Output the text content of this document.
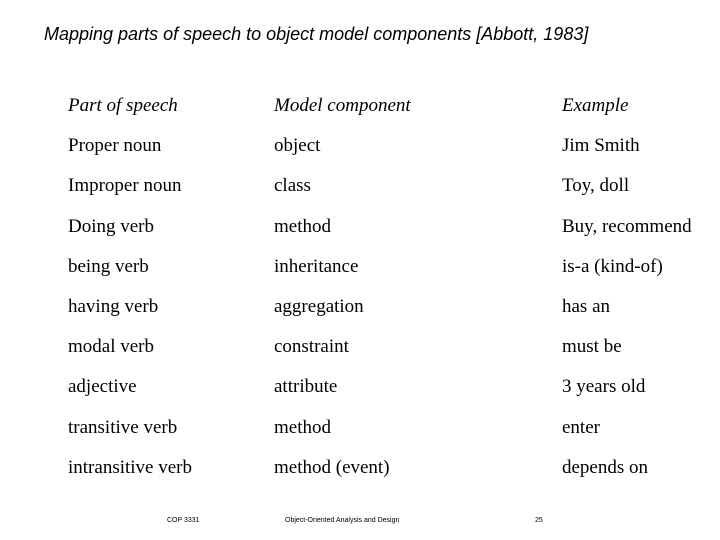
Mapping parts of speech to object model components [Abbott, 1983]
Part of speech	Model component	Example
Proper noun	object	Jim Smith
Improper noun	class	Toy, doll
Doing verb	method	Buy, recommend
being verb	inheritance	is-a (kind-of)
having verb	aggregation	has an
modal verb	constraint	must be
adjective	attribute	3 years old
transitive verb	method	enter
intransitive verb	method (event)	depends on
COP 3331	Object-Oriented Analysis and Design	25
